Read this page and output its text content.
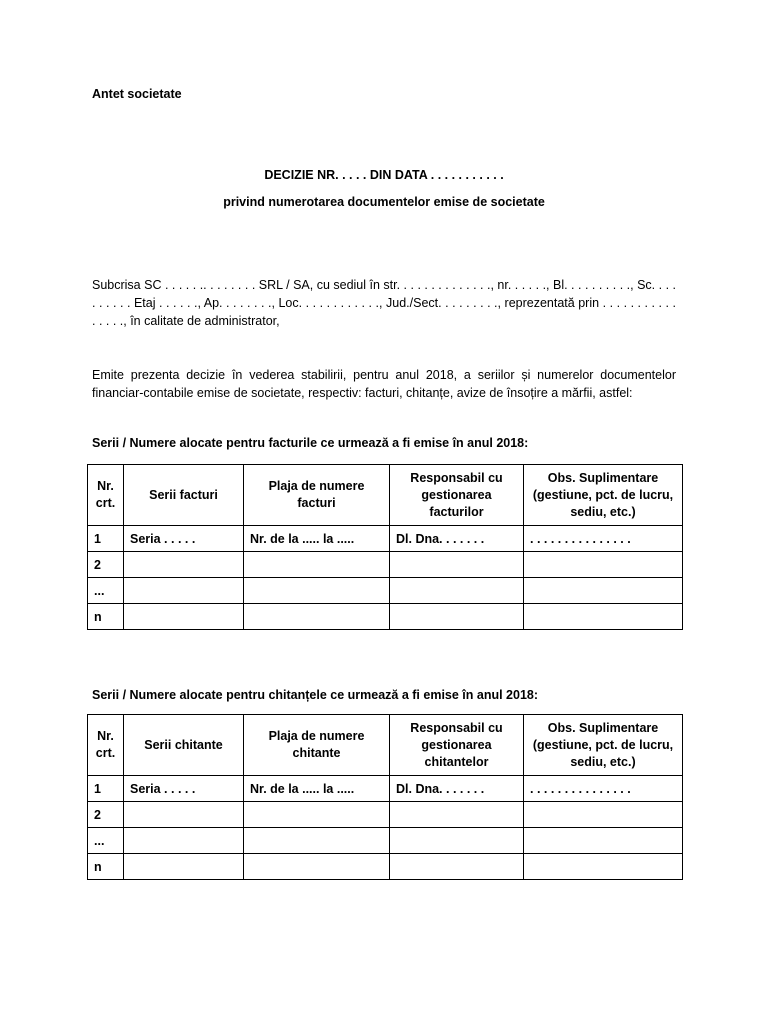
Antet societate
DECIZIE NR. . . . . DIN DATA . . . . . . . . . . .
privind numerotarea documentelor emise de societate
Subcrisa SC . . . . . .. . . . . . . . SRL / SA, cu sediul în str. . . . . . . . . . . . . ., nr. . . . . ., Bl. . . . . . . . . ., Sc. . . . . . . . . . Etaj . . . . . ., Ap. . . . . . . ., Loc. . . . . . . . . . . ., Jud./Sect. . . . . . . . ., reprezentată prin . . . . . . . . . . . . . . . ., în calitate de administrator,
Emite prezenta decizie în vederea stabilirii, pentru anul 2018, a seriilor și numerelor documentelor financiar-contabile emise de societate, respectiv: facturi, chitanțe, avize de însoțire a mărfii, astfel:
Serii / Numere alocate pentru facturile ce urmează a fi emise în anul 2018:
Nr. crt.	Serii facturi	Plaja de numere facturi	Responsabil cu gestionarea facturilor	Obs. Suplimentare (gestiune, pct. de lucru, sediu, etc.)
1	Seria . . . . .	Nr. de la ..... la .....	Dl. Dna. . . . . . .	. . . . . . . . . . . . . . .
2				
...				
n				
Serii / Numere alocate pentru chitanțele ce urmează a fi emise în anul 2018:
Nr. crt.	Serii chitante	Plaja de numere chitante	Responsabil cu gestionarea chitantelor	Obs. Suplimentare (gestiune, pct. de lucru, sediu, etc.)
1	Seria . . . . .	Nr. de la ..... la .....	Dl. Dna. . . . . . .	. . . . . . . . . . . . . . .
2				
...				
n				
